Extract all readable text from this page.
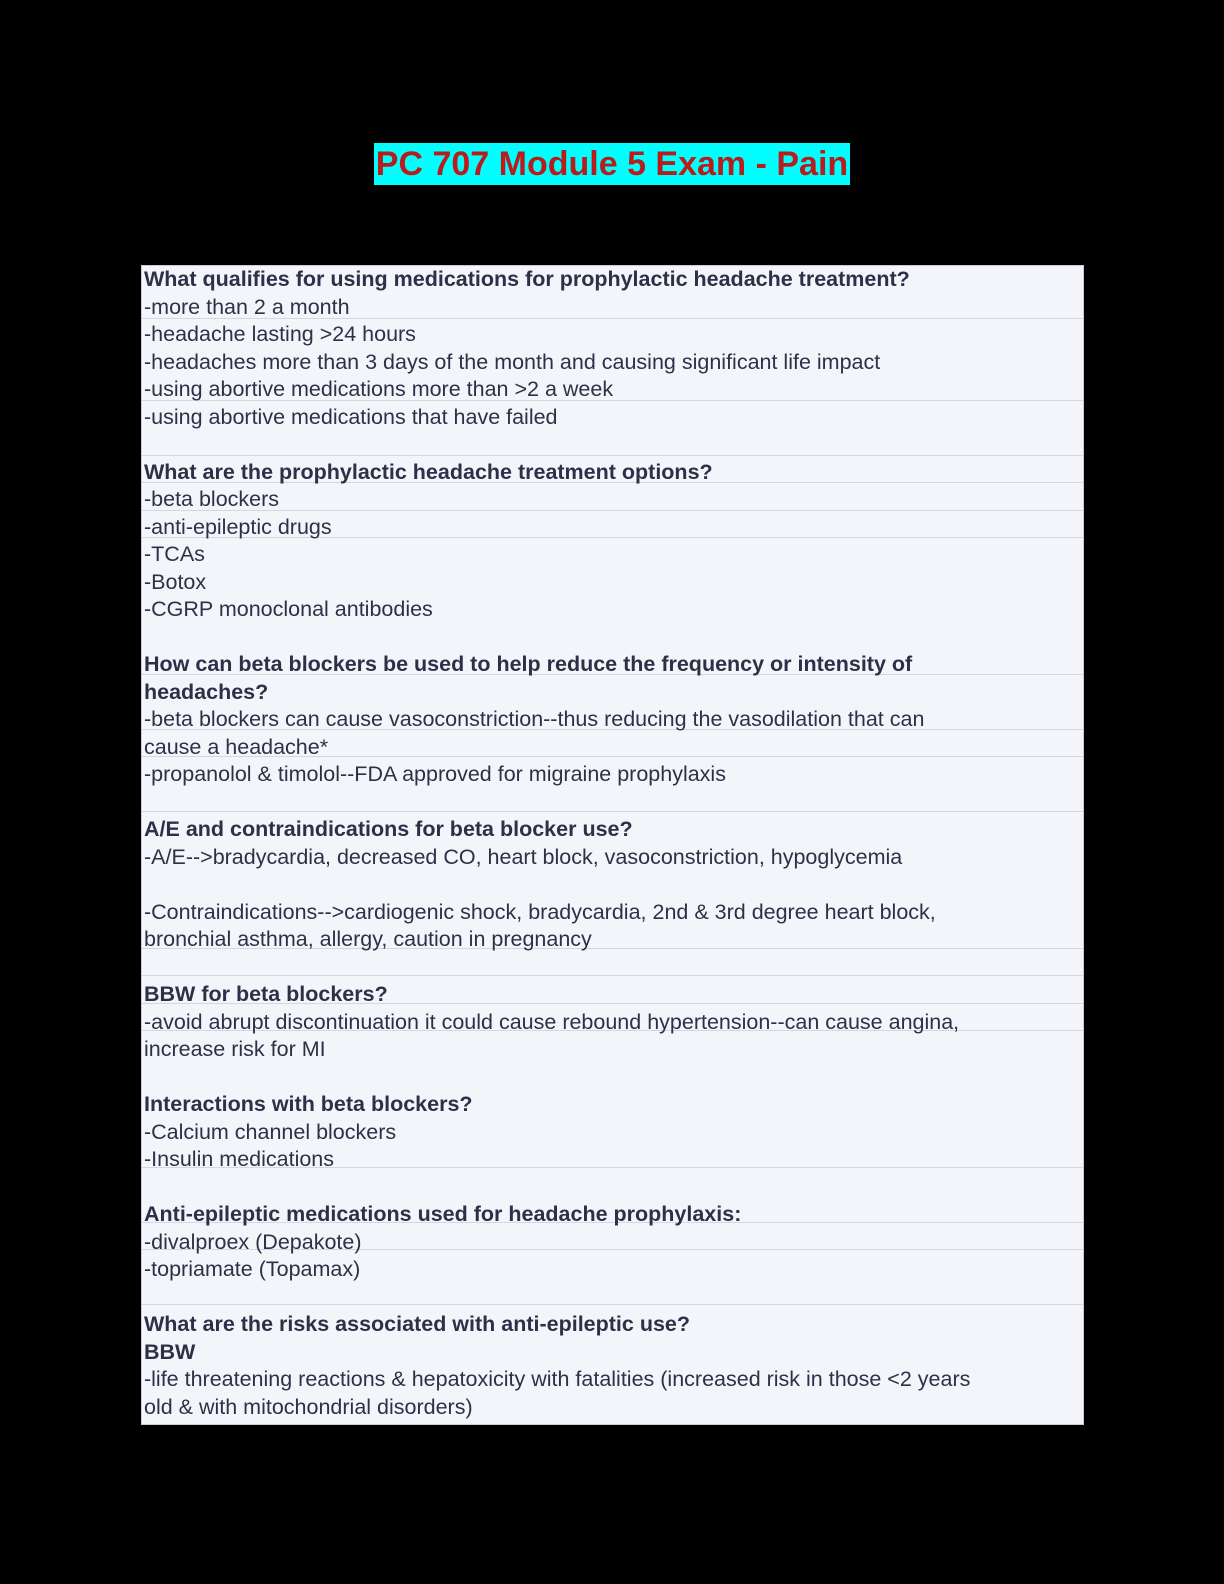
PC 707 Module 5 Exam - Pain
What qualifies for using medications for prophylactic headache treatment?
-more than 2 a month
-headache lasting >24 hours
-headaches more than 3 days of the month and causing significant life impact
-using abortive medications more than >2 a week
-using abortive medications that have failed
What are the prophylactic headache treatment options?
-beta blockers
-anti-epileptic drugs
-TCAs
-Botox
-CGRP monoclonal antibodies
How can beta blockers be used to help reduce the frequency or intensity of
headaches?
-beta blockers can cause vasoconstriction--thus reducing the vasodilation that can
cause a headache*
-propanolol & timolol--FDA approved for migraine prophylaxis
A/E and contraindications for beta blocker use?
-A/E-->bradycardia, decreased CO, heart block, vasoconstriction, hypoglycemia
-Contraindications-->cardiogenic shock, bradycardia, 2nd & 3rd degree heart block,
bronchial asthma, allergy, caution in pregnancy
BBW for beta blockers?
-avoid abrupt discontinuation it could cause rebound hypertension--can cause angina,
increase risk for MI
Interactions with beta blockers?
-Calcium channel blockers
-Insulin medications
Anti-epileptic medications used for headache prophylaxis:
-divalproex (Depakote)
-topriamate (Topamax)
What are the risks associated with anti-epileptic use?
BBW
-life threatening reactions & hepatoxicity with fatalities (increased risk in those <2 years
old & with mitochondrial disorders)
